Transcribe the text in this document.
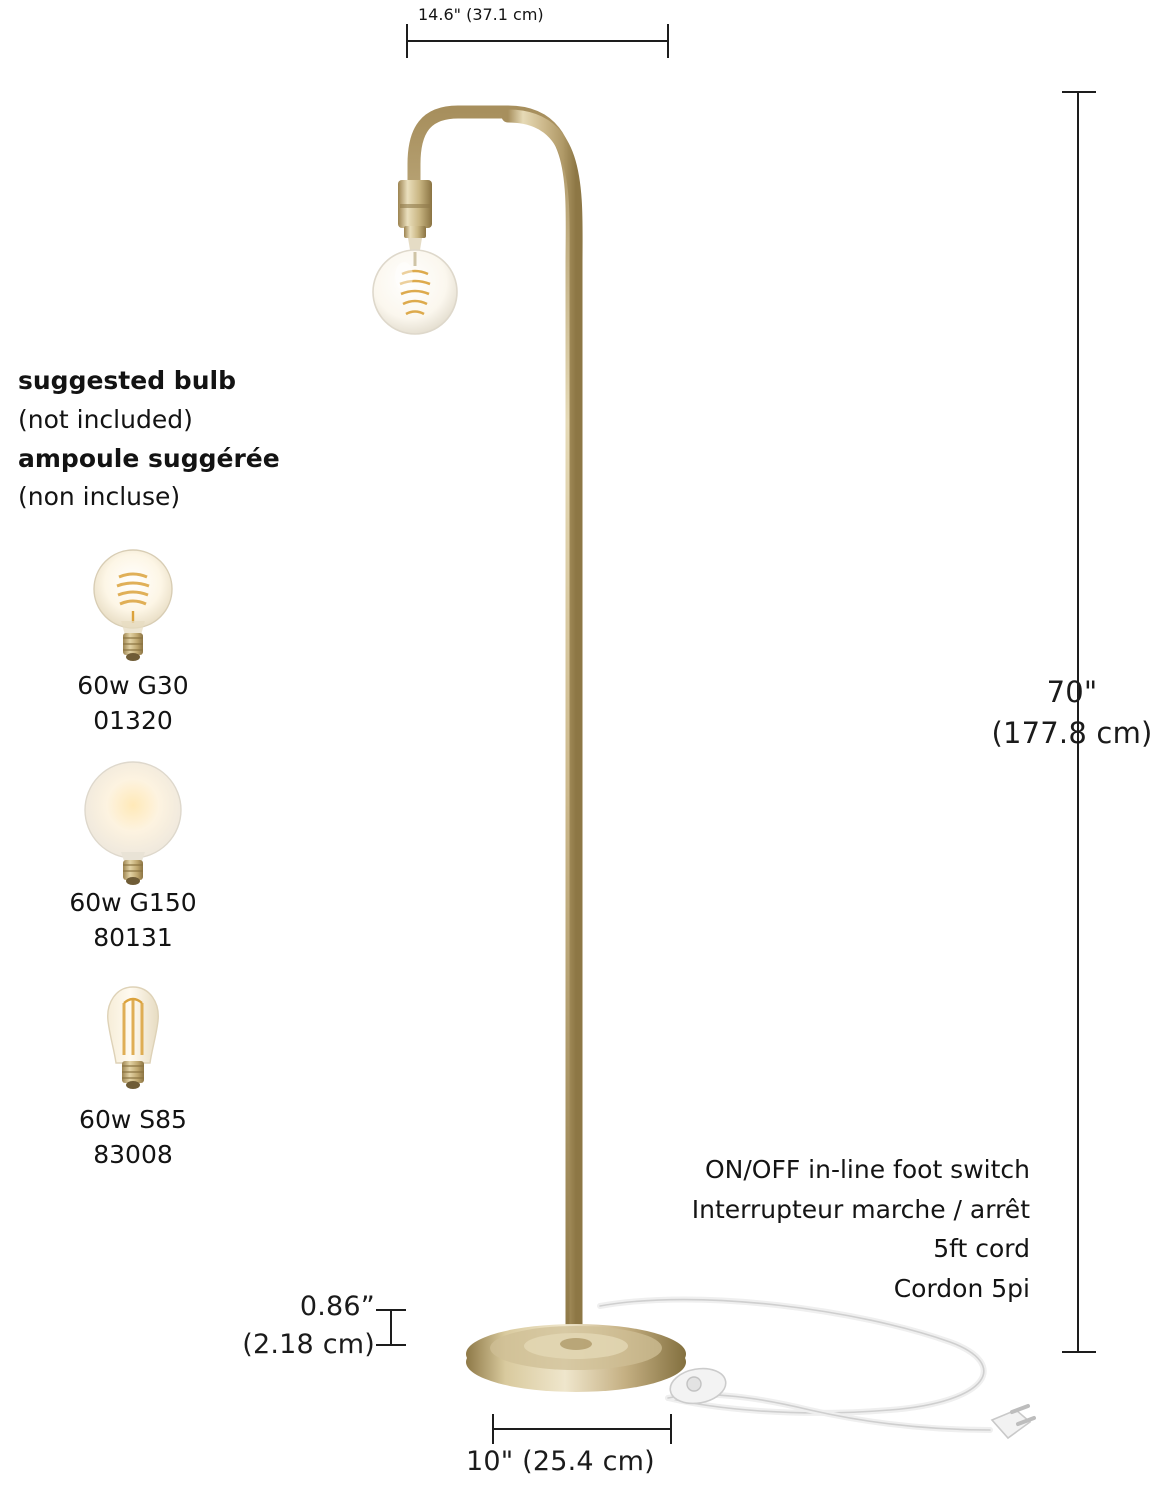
14.6" (37.1 cm)
70"
(177.8 cm)
0.86”
(2.18 cm)
10" (25.4 cm)
suggested bulb
(not included)
ampoule suggérée
(non incluse)
60w G30
01320
60w G150
80131
60w S85
83008
ON/OFF in-line foot switch
Interrupteur marche / arrêt
5ft cord
Cordon 5pi
